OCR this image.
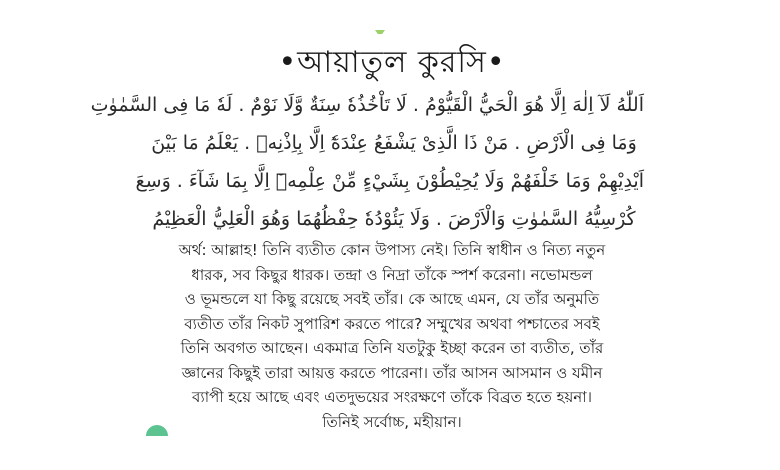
•আয়াতুল কুরসি•
اَللّٰهُ لَآ اِلٰهَ اِلَّا هُوَ الْحَيُّ الْقَيُّوْمُ . لَا تَاْخُذُهٗ سِنَةٌ وَّلَا نَوْمٌ . لَهٗ مَا فِى السَّمٰوٰتِ
وَمَا فِى الْاَرْضِ . مَنْ ذَا الَّذِىْ يَشْفَعُ عِنْدَهٗٓ اِلَّا بِاِذْنِهٖ . يَعْلَمُ مَا بَيْنَ
اَيْدِيْهِمْ وَمَا خَلْفَهُمْ وَلَا يُحِيْطُوْنَ بِشَيْءٍ مِّنْ عِلْمِهٖٓ اِلَّا بِمَا شَآءَ . وَسِعَ
كُرْسِيُّهُ السَّمٰوٰتِ وَالْاَرْضَ . وَلَا يَئُوْدُهٗ حِفْظُهُمَا وَهُوَ الْعَلِيُّ الْعَظِيْمُ
অর্থ: আল্লাহ! তিনি ব্যতীত কোন উপাস্য নেই। তিনি স্বাধীন ও নিত্য নতুন
ধারক, সব কিছুর ধারক। তন্দ্রা ও নিদ্রা তাঁকে স্পর্শ করেনা। নভোমন্ডল
ও ভূমন্ডলে যা কিছু রয়েছে সবই তাঁর। কে আছে এমন, যে তাঁর অনুমতি
ব্যতীত তাঁর নিকট সুপারিশ করতে পারে? সম্মুখের অথবা পশ্চাতের সবই
তিনি অবগত আছেন। একমাত্র তিনি যতটুকু ইচ্ছা করেন তা ব্যতীত, তাঁর
জ্ঞানের কিছুই তারা আয়ত্ত করতে পারেনা। তাঁর আসন আসমান ও যমীন
ব্যাপী হয়ে আছে এবং এতদুভয়ের সংরক্ষণে তাঁকে বিব্রত হতে হয়না।
তিনিই সর্বোচ্চ, মহীয়ান।
